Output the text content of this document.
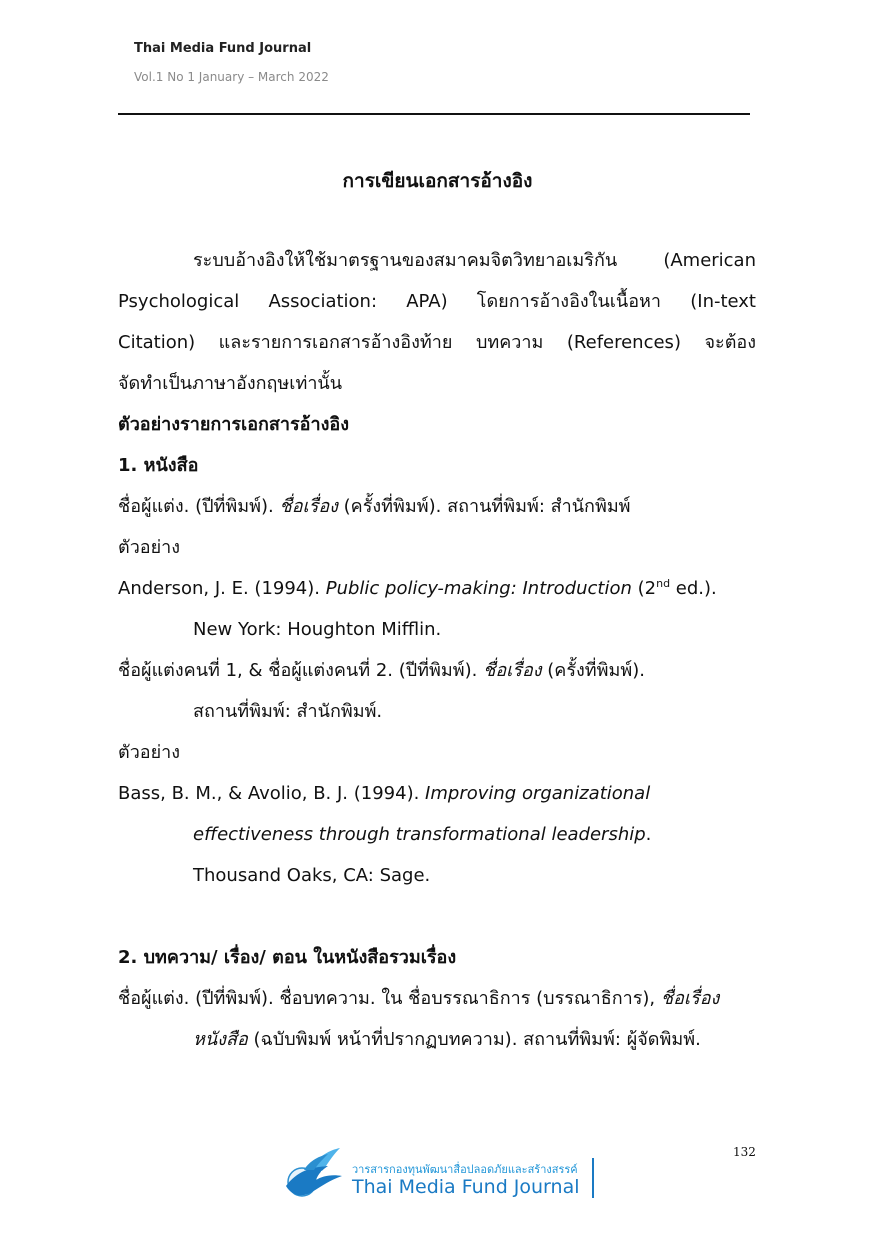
Thai Media Fund Journal
Vol.1 No 1 January – March 2022
การเขียนเอกสารอ้างอิง
ระบบอ้างอิงให้ใช้มาตรฐานของสมาคมจิตวิทยาอเมริกัน (American
Psychological Association: APA) โดยการอ้างอิงในเนื้อหา (In-text
Citation) และรายการเอกสารอ้างอิงท้าย บทความ (References) จะต้อง
จัดทำเป็นภาษาอังกฤษเท่านั้น
ตัวอย่างรายการเอกสารอ้างอิง
1. หนังสือ
ชื่อผู้แต่ง. (ปีที่พิมพ์). ชื่อเรื่อง (ครั้งที่พิมพ์). สถานที่พิมพ์: สำนักพิมพ์
ตัวอย่าง
Anderson, J. E. (1994). Public policy-making: Introduction (2nd ed.).
New York: Houghton Mifflin.
ชื่อผู้แต่งคนที่ 1, & ชื่อผู้แต่งคนที่ 2. (ปีที่พิมพ์). ชื่อเรื่อง (ครั้งที่พิมพ์).
สถานที่พิมพ์: สำนักพิมพ์.
ตัวอย่าง
Bass, B. M., & Avolio, B. J. (1994). Improving organizational
effectiveness through transformational leadership.
Thousand Oaks, CA: Sage.
2. บทความ/ เรื่อง/ ตอน ในหนังสือรวมเรื่อง
ชื่อผู้แต่ง. (ปีที่พิมพ์). ชื่อบทความ. ใน ชื่อบรรณาธิการ (บรรณาธิการ), ชื่อเรื่อง
หนังสือ (ฉบับพิมพ์ หน้าที่ปรากฏบทความ). สถานที่พิมพ์: ผู้จัดพิมพ์.
132
วารสารกองทุนพัฒนาสื่อปลอดภัยและสร้างสรรค์
Thai Media Fund Journal
